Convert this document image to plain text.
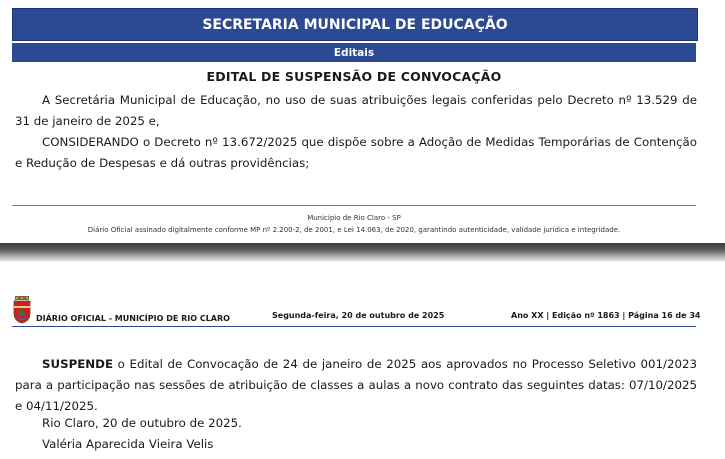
SECRETARIA MUNICIPAL DE EDUCAÇÃO
Editais
EDITAL DE SUSPENSÃO DE CONVOCAÇÃO

A Secretária Municipal de Educação, no uso de suas atribuições legais conferidas pelo Decreto nº 13.529 de 31 de janeiro de 2025 e,

CONSIDERANDO o Decreto nº 13.672/2025 que dispõe sobre a Adoção de Medidas Temporárias de Contenção e Redução de Despesas e dá outras providências;

Município de Rio Claro - SP
Diário Oficial assinado digitalmente conforme MP nº 2.200-2, de 2001, e Lei 14.063, de 2020, garantindo autenticidade, validade jurídica e integridade.
DIÁRIO OFICIAL - MUNICÍPIO DE RIO CLARO	Segunda-feira, 20 de outubro de 2025	Ano XX | Edição nº 1863 | Página 16 de 34

SUSPENDE o Edital de Convocação de 24 de janeiro de 2025 aos aprovados no Processo Seletivo 001/2023 para a participação nas sessões de atribuição de classes a aulas a novo contrato das seguintes datas: 07/10/2025 e 04/11/2025.

Rio Claro, 20 de outubro de 2025.
Valéria Aparecida Vieira Velis
